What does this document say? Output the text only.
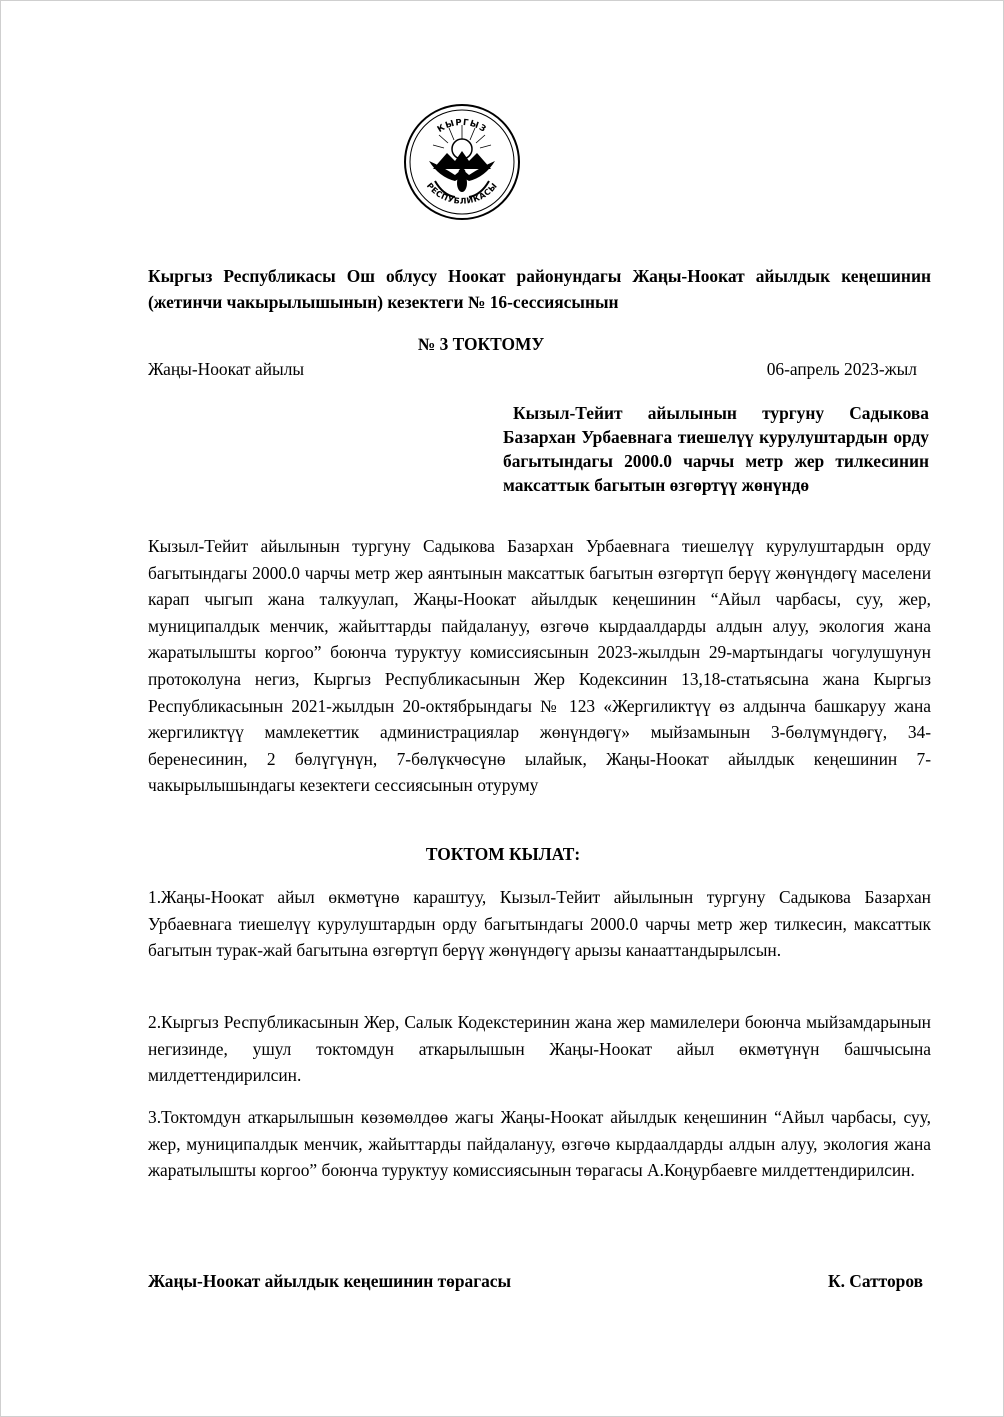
КЫРГЫЗ
РЕСПУБЛИКАСЫ
Кыргыз Республикасы Ош облусу Ноокат районундагы Жаңы-Ноокат айылдык кеңешинин (жетинчи чакырылышынын) кезектеги № 16-сессиясынын
№ 3 ТОКТОМУ
Жаңы-Ноокат айылы	06-апрель 2023-жыл
Кызыл-Тейит айылынын тургуну Садыкова Базархан Урбаевнага тиешелүү курулуштардын орду багытындагы 2000.0 чарчы метр жер тилкесинин максаттык багытын өзгөртүү жөнүндө

Кызыл-Тейит айылынын тургуну Садыкова Базархан Урбаевнага тиешелүү курулуштардын орду багытындагы 2000.0 чарчы метр жер аянтынын максаттык багытын өзгөртүп берүү жөнүндөгү маселени карап чыгып жана талкуулап, Жаңы-Ноокат айылдык кеңешинин “Айыл чарбасы, суу, жер, муниципалдык менчик, жайыттарды пайдалануу, өзгөчө кырдаалдарды алдын алуу, экология жана жаратылышты коргоо” боюнча туруктуу комиссиясынын 2023-жылдын 29-мартындагы чогулушунун протоколуна негиз, Кыргыз Республикасынын Жер Кодексинин 13,18-статьясына жана Кыргыз Республикасынын 2021-жылдын 20-октябрындагы № 123 «Жергиликтүү өз алдынча башкаруу жана жергиликтүү мамлекеттик администрациялар жөнүндөгү» мыйзамынын 3-бөлүмүндөгү, 34-беренесинин, 2 бөлүгүнүн, 7-бөлүкчөсүнө ылайык, Жаңы-Ноокат айылдык кеңешинин 7-чакырылышындагы кезектеги сессиясынын отуруму

ТОКТОМ КЫЛАТ:

1.Жаңы-Ноокат айыл өкмөтүнө караштуу, Кызыл-Тейит айылынын тургуну Садыкова Базархан Урбаевнага тиешелүү курулуштардын орду багытындагы 2000.0 чарчы метр жер тилкесин, максаттык багытын турак-жай багытына өзгөртүп берүү жөнүндөгү арызы канааттандырылсын.

2.Кыргыз Республикасынын Жер, Салык Кодекстеринин жана жер мамилелери боюнча мыйзамдарынын негизинде, ушул токтомдун аткарылышын Жаңы-Ноокат айыл өкмөтүнүн башчысына милдеттендирилсин.

3.Токтомдун аткарылышын көзөмөлдөө жагы Жаңы-Ноокат айылдык кеңешинин “Айыл чарбасы, суу, жер, муниципалдык менчик, жайыттарды пайдалануу, өзгөчө кырдаалдарды алдын алуу, экология жана жаратылышты коргоо” боюнча туруктуу комиссиясынын төрагасы А.Коңурбаевге милдеттендирилсин.

Жаңы-Ноокат айылдык кеңешинин төрагасы	К. Сатторов
